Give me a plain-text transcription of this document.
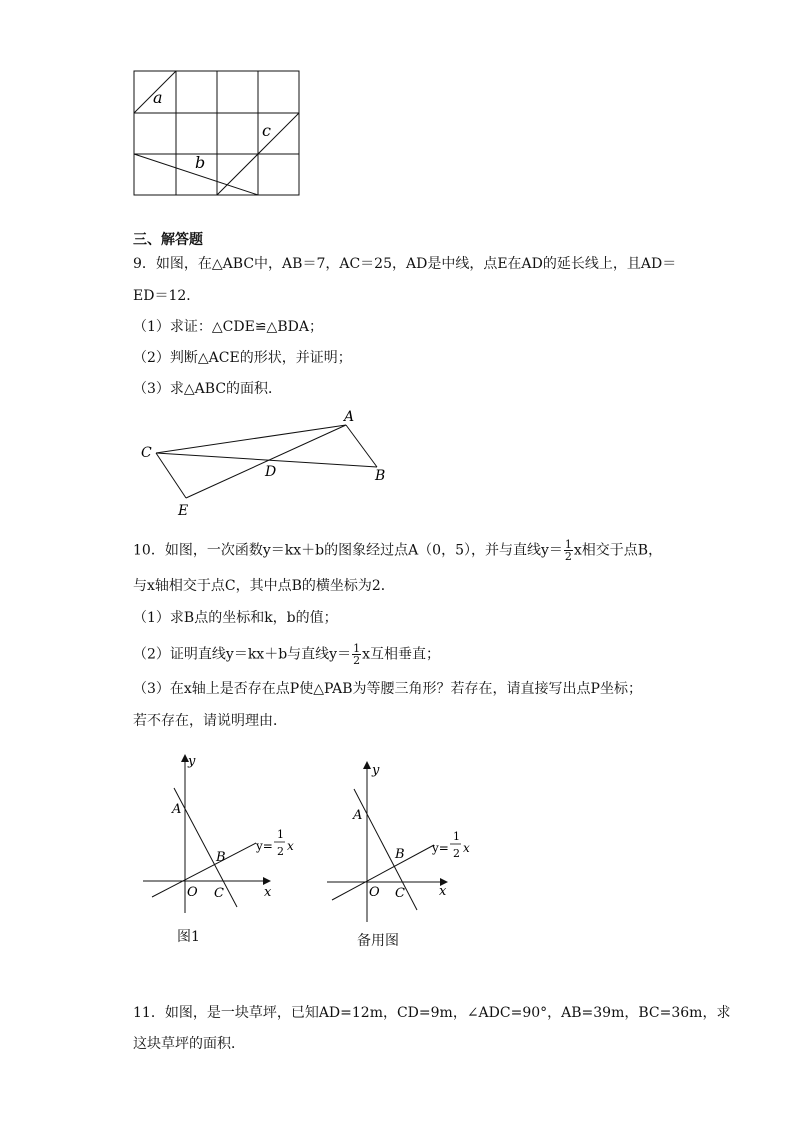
a
b
c
三、解答题
9．如图，在△ABC中，AB＝7，AC＝25，AD是中线，点E在AD的延长线上，且AD＝
ED＝12．
（1）求证：△CDE≌△BDA；
（2）判断△ACE的形状，并证明；
（3）求△ABC的面积．
A
B
C
D
E
10．如图，一次函数y＝kx＋b的图象经过点A（0，5），并与直线$y= \frac{1}{2}$ x相交于点B，
与x轴相交于点C，其中点B的横坐标为2．
（1）求B点的坐标和k，b的值；
（2）证明直线y＝kx＋b与直线$y= \frac{1}{2}$ x互相垂直；
（3）在x轴上是否存在点P使△PAB为等腰三角形？若存在，请直接写出点P坐标；
若不存在，请说明理由．
y
x
O
A
B
C
y=
1
2 x
图1
y
x
O
A
B
C
y=
1
2 x
备用图
11．如图，是一块草坪，已知AD=12m，CD=9m，∠ADC=90°，AB=39m，BC=36m，求
这块草坪的面积．
